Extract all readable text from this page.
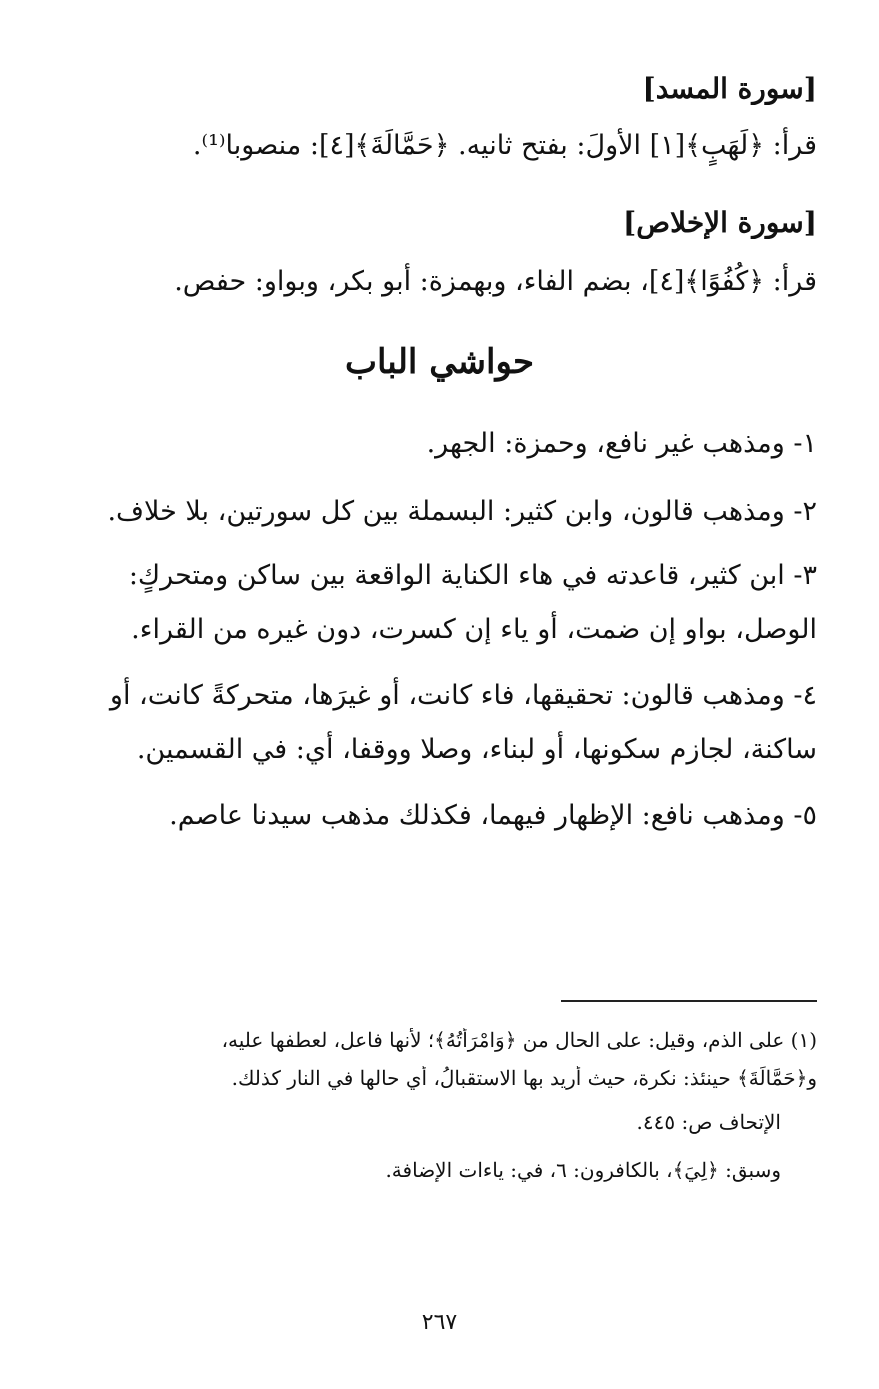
[سورة المسد]
قرأ: ﴿لَهَبٍ﴾[١] الأولَ: بفتح ثانيه. ﴿حَمَّالَةَ﴾[٤]: منصوبا⁽¹⁾.
[سورة الإخلاص]
قرأ: ﴿كُفُوًا﴾[٤]، بضم الفاء، وبهمزة: أبو بكر، وبواو: حفص.
حواشي الباب
١- ومذهب غير نافع، وحمزة: الجهر.
٢- ومذهب قالون، وابن كثير: البسملة بين كل سورتين، بلا خلاف.
٣- ابن كثير، قاعدته في هاء الكناية الواقعة بين ساكن ومتحركٍ:
الوصل، بواو إن ضمت، أو ياء إن كسرت، دون غيره من القراء.
٤- ومذهب قالون: تحقيقها، فاء كانت، أو غيرَها، متحركةً كانت، أو
ساكنة، لجازم سكونها، أو لبناء، وصلا ووقفا، أي: في القسمين.
٥- ومذهب نافع: الإظهار فيهما، فكذلك مذهب سيدنا عاصم.
(١) على الذم، وقيل: على الحال من ﴿وَامْرَأَتُهُ﴾؛ لأنها فاعل، لعطفها عليه،
و﴿حَمَّالَةَ﴾ حينئذ: نكرة، حيث أريد بها الاستقبالُ، أي حالها في النار كذلك.
الإتحاف ص: ٤٤٥.
وسبق: ﴿لِيَ﴾، بالكافرون: ٦، في: ياءات الإضافة.
٢٦٧
